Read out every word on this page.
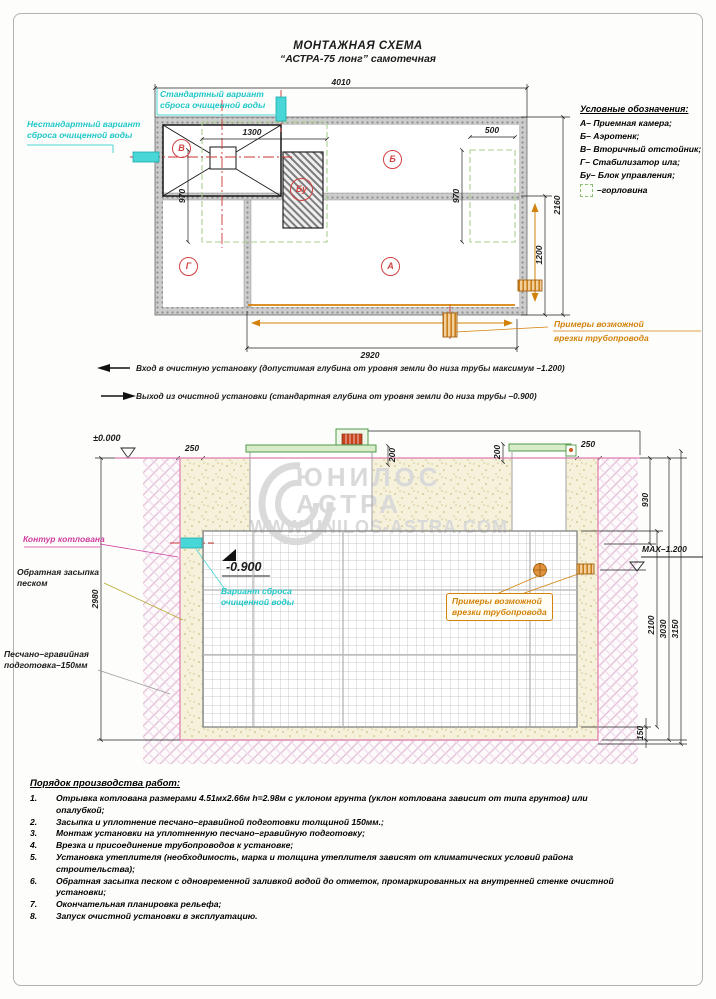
ЮНИЛОС
АСТРА
WWW.UNILOS-ASTRA.COM
МОНТАЖНАЯ СХЕМА
“АСТРА-75 лонг” самотечная
4010
1300	500
970	970	2160
1200
2920
В
Б
Бу
Г	А
Стандартный вариант
сброса очищенной воды
Нестандартный вариант
сброса очищенной воды
Примеры возможной
врезки трубопровода
Условные обозначения:
А– Приемная камера;
Б– Аэротенк;
В– Вторичный отстойник;
Г– Стабилизатор ила;
Бу– Блок управления;
–горловина
Вход в очистную установку (допустимая глубина от уровня земли до низа трубы максимум –1.200)
Выход из очистной установки (стандартная глубина от уровня земли до низа трубы –0.900)
±0.000
250	200	200
250
930
МАХ–1.200
-0.900
2980
2100 3030 3150
150
Контур котлована
Обратная засыпка
песком
Песчано–гравийная
подготовка–150мм
Вариант сброса
очищенной воды	Примеры возможной
врезки трубопровода
Порядок производства работ:
1.	Отрывка котлована размерами 4.51мх2.66м h=2.98м с уклоном грунта (уклон котлована зависит от типа грунтов) или опалубкой;
2.	Засыпка и уплотнение песчано–гравийной подготовки толщиной 150мм.;
3.	Монтаж установки на уплотненную песчано–гравийную подготовку;
4.	Врезка и присоединение трубопроводов к установке;
5.	Установка утеплителя (необходимость, марка и толщина утеплителя зависят от климатических условий района строительства);
6.	Обратная засыпка песком с одновременной заливкой водой до отметок, промаркированных на внутренней стенке очистной установки;
7.	Окончательная планировка рельефа;
8.	Запуск очистной установки в эксплуатацию.
